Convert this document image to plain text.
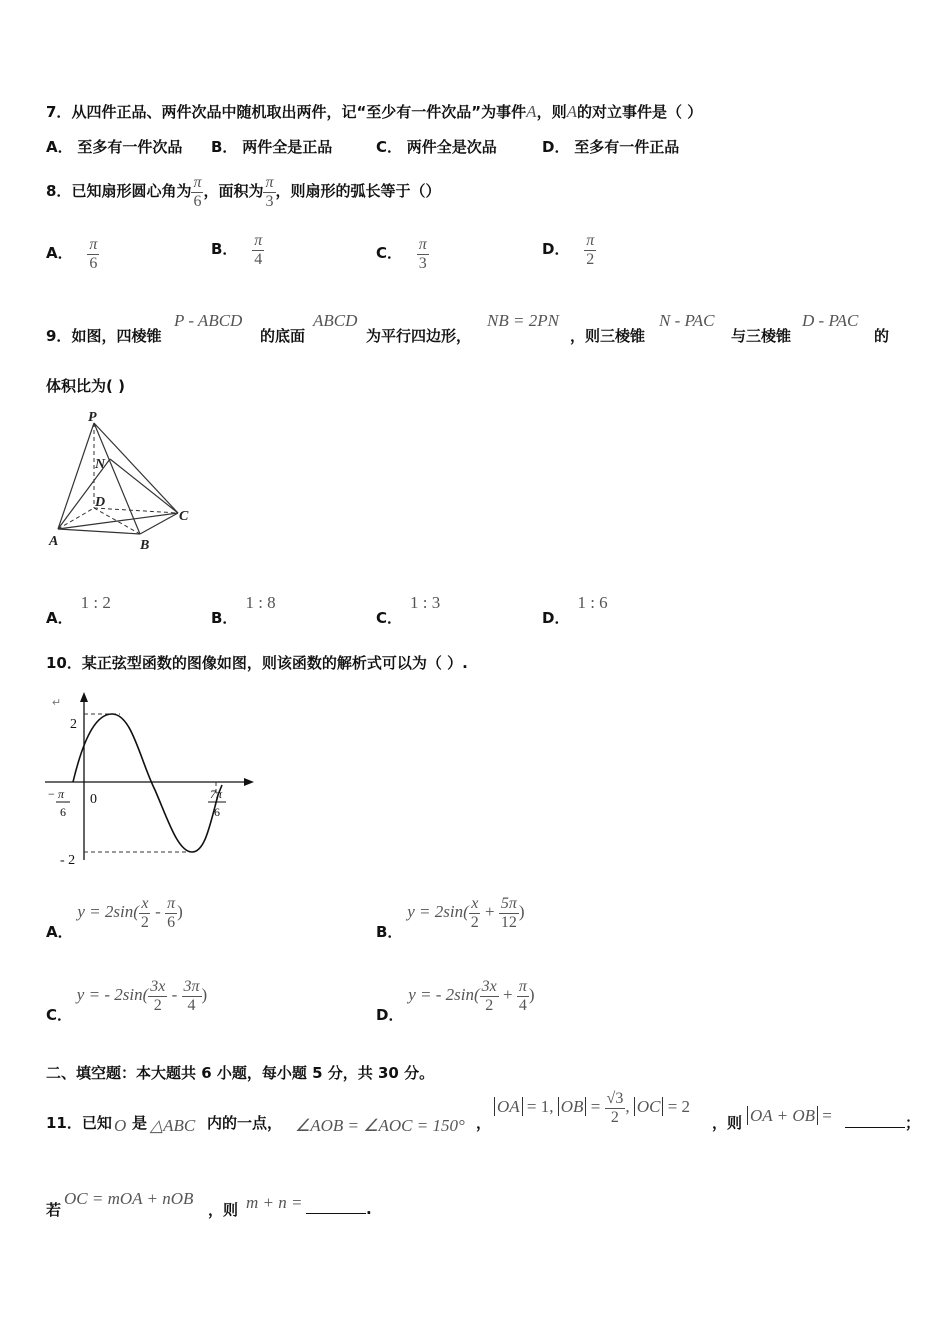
7．从四件正品、两件次品中随机取出两件，记“至少有一件次品”为事件A，则A的对立事件是（ ）
A． 至多有一件次品 B． 两件全是正品	C． 两件全是次品	D． 至多有一件正品
8．已知扇形圆心角为 $\frac{\pi}{6}$ ，面积为 $\frac{\pi}{3}$ ，则扇形的弧长等于（）
A． $\frac{\pi}{6}$	B． $\frac{\pi}{4}$	C． $\frac{\pi}{3}$	D． $\frac{\pi}{2}$
9．如图，四棱锥
P - ABCD
的底面
ABCD
为平行四边形，
NB = 2PN
，则三棱锥
N - PAC
与三棱锥
D - PAC
的
体积比为( )
P
N
D
A	B
C
A．1 : 2
B．1 : 8
C．1 : 3
D．1 : 6
10．某正弦型函数的图像如图，则该函数的解析式可以为（ ）.
2
- 2
0
− π
6
7π
6
↵
A． $y = 2\sin( \frac{x}{2} - \frac{\pi}{6}$ )
B． $y = 2\sin( \frac{x}{2} + \frac{5\pi}{12}$ )
C． y = - $2\sin( \frac{3x}{2} - \frac{3\pi}{4}$ )
D． y = - $2\sin( \frac{3x}{2} + \frac{\pi}{4}$ )
二、填空题：本大题共 6 小题，每小题 5 分，共 30 分。
11．已知 O 是 △ABC 内的一点， ∠AOB = ∠AOC = 150° ，
OA = 1, OB = $\frac{√3}{2}$ , OC = 2
，则 OA + OB =	；
若
OC = mOA + nOB
，则 m + n =	.
